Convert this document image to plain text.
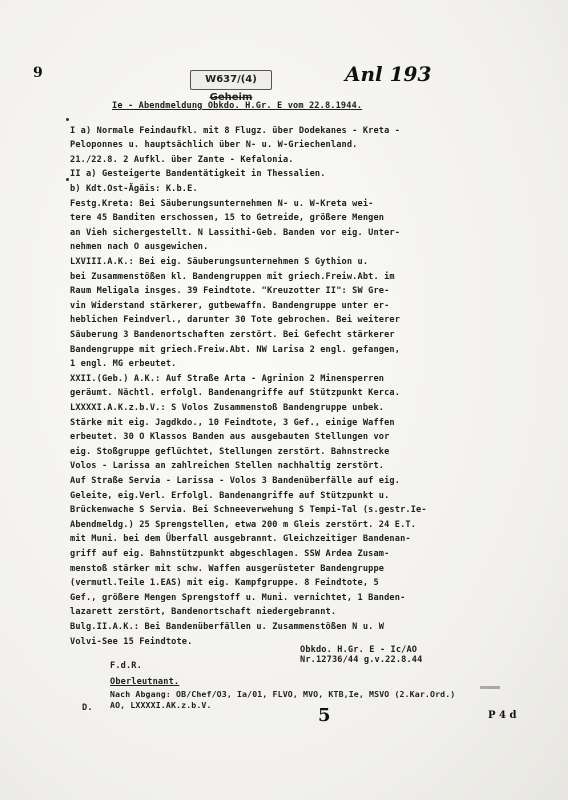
9	W637/(4) Geheim
Anl 193
Ie - Abendmeldung Obkdo. H.Gr. E vom 22.8.1944.
I a) Normale Feindaufkl. mit 8 Flugz. über Dodekanes - Kreta -
Peloponnes u. hauptsächlich über N- u. W-Griechenland.
21./22.8. 2 Aufkl. über Zante - Kefalonia.
II a) Gesteigerte Bandentätigkeit in Thessalien.
b) Kdt.Ost-Ägäis: K.b.E.
Festg.Kreta: Bei Säuberungsunternehmen N- u. W-Kreta wei-
tere 45 Banditen erschossen, 15 to Getreide, größere Mengen
an Vieh sichergestellt. N Lassithi-Geb. Banden vor eig. Unter-
nehmen nach O ausgewichen.
LXVIII.A.K.: Bei eig. Säuberungsunternehmen S Gythion u.
bei Zusammenstößen kl. Bandengruppen mit griech.Freiw.Abt. im
Raum Meligala insges. 39 Feindtote. "Kreuzotter II": SW Gre-
vin Widerstand stärkerer, gutbewaffn. Bandengruppe unter er-
heblichen Feindverl., darunter 30 Tote gebrochen. Bei weiterer
Säuberung 3 Bandenortschaften zerstört. Bei Gefecht stärkerer
Bandengruppe mit griech.Freiw.Abt. NW Larisa 2 engl. gefangen,
1 engl. MG erbeutet.
XXII.(Geb.) A.K.: Auf Straße Arta - Agrinion 2 Minensperren
geräumt. Nächtl. erfolgl. Bandenangriffe auf Stützpunkt Kerca.
LXXXXI.A.K.z.b.V.: S Volos Zusammenstoß Bandengruppe unbek.
Stärke mit eig. Jagdkdo., 10 Feindtote, 3 Gef., einige Waffen
erbeutet. 30 O Klassos Banden aus ausgebauten Stellungen vor
eig. Stoßgruppe geflüchtet, Stellungen zerstört. Bahnstrecke
Volos - Larissa an zahlreichen Stellen nachhaltig zerstört.
Auf Straße Servia - Larissa - Volos 3 Bandenüberfälle auf eig.
Geleite, eig.Verl. Erfolgl. Bandenangriffe auf Stützpunkt u.
Brückenwache S Servia. Bei Schneeverwehung S Tempi-Tal (s.gestr.Ie-
Abendmeldg.) 25 Sprengstellen, etwa 200 m Gleis zerstört. 24 E.T.
mit Muni. bei dem Überfall ausgebrannt. Gleichzeitiger Bandenan-
griff auf eig. Bahnstützpunkt abgeschlagen. SSW Ardea Zusam-
menstoß stärker mit schw. Waffen ausgerüsteter Bandengruppe
(vermutl.Teile 1.EAS) mit eig. Kampfgruppe. 8 Feindtote, 5
Gef., größere Mengen Sprengstoff u. Muni. vernichtet, 1 Banden-
lazarett zerstört, Bandenortschaft niedergebrannt.
Bulg.II.A.K.: Bei Bandenüberfällen u. Zusammenstößen N u. W
Volvi-See 15 Feindtote.
Obkdo. H.Gr. E - Ic/AO
Nr.12736/44 g.v.22.8.44
F.d.R.
Oberleutnant.
Nach Abgang: OB/Chef/O3, Ia/01, FLVO, MVO, KTB,Ie, MSVO (2.Kar.Ord.)
AO, LXXXXI.AK.z.b.V.
D.	5	P 4 d
